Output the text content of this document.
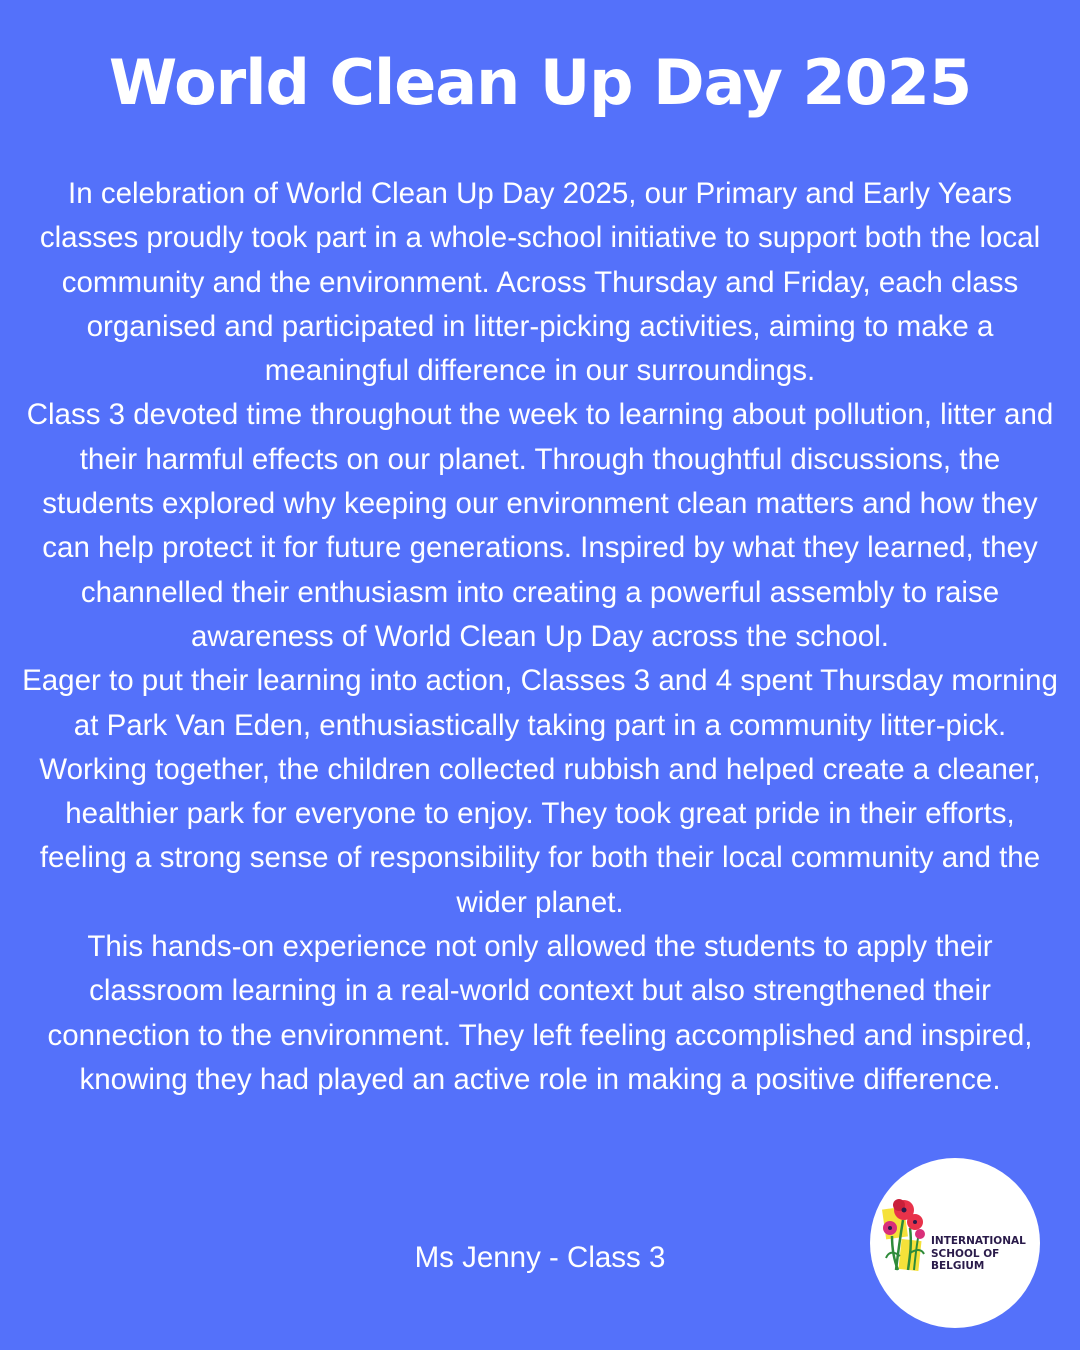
World Clean Up Day 2025

In celebration of World Clean Up Day 2025, our Primary and Early Years classes proudly took part in a whole-school initiative to support both the local community and the environment. Across Thursday and Friday, each class organised and participated in litter-picking activities, aiming to make a meaningful difference in our surroundings.

Class 3 devoted time throughout the week to learning about pollution, litter and their harmful effects on our planet. Through thoughtful discussions, the students explored why keeping our environment clean matters and how they can help protect it for future generations. Inspired by what they learned, they channelled their enthusiasm into creating a powerful assembly to raise awareness of World Clean Up Day across the school.

Eager to put their learning into action, Classes 3 and 4 spent Thursday morning at Park Van Eden, enthusiastically taking part in a community litter-pick. Working together, the children collected rubbish and helped create a cleaner, healthier park for everyone to enjoy. They took great pride in their efforts, feeling a strong sense of responsibility for both their local community and the wider planet.

This hands-on experience not only allowed the students to apply their classroom learning in a real-world context but also strengthened their connection to the environment. They left feeling accomplished and inspired, knowing they had played an active role in making a positive difference.

Ms Jenny - Class 3	INTERNATIONAL
SCHOOL OF
BELGIUM
